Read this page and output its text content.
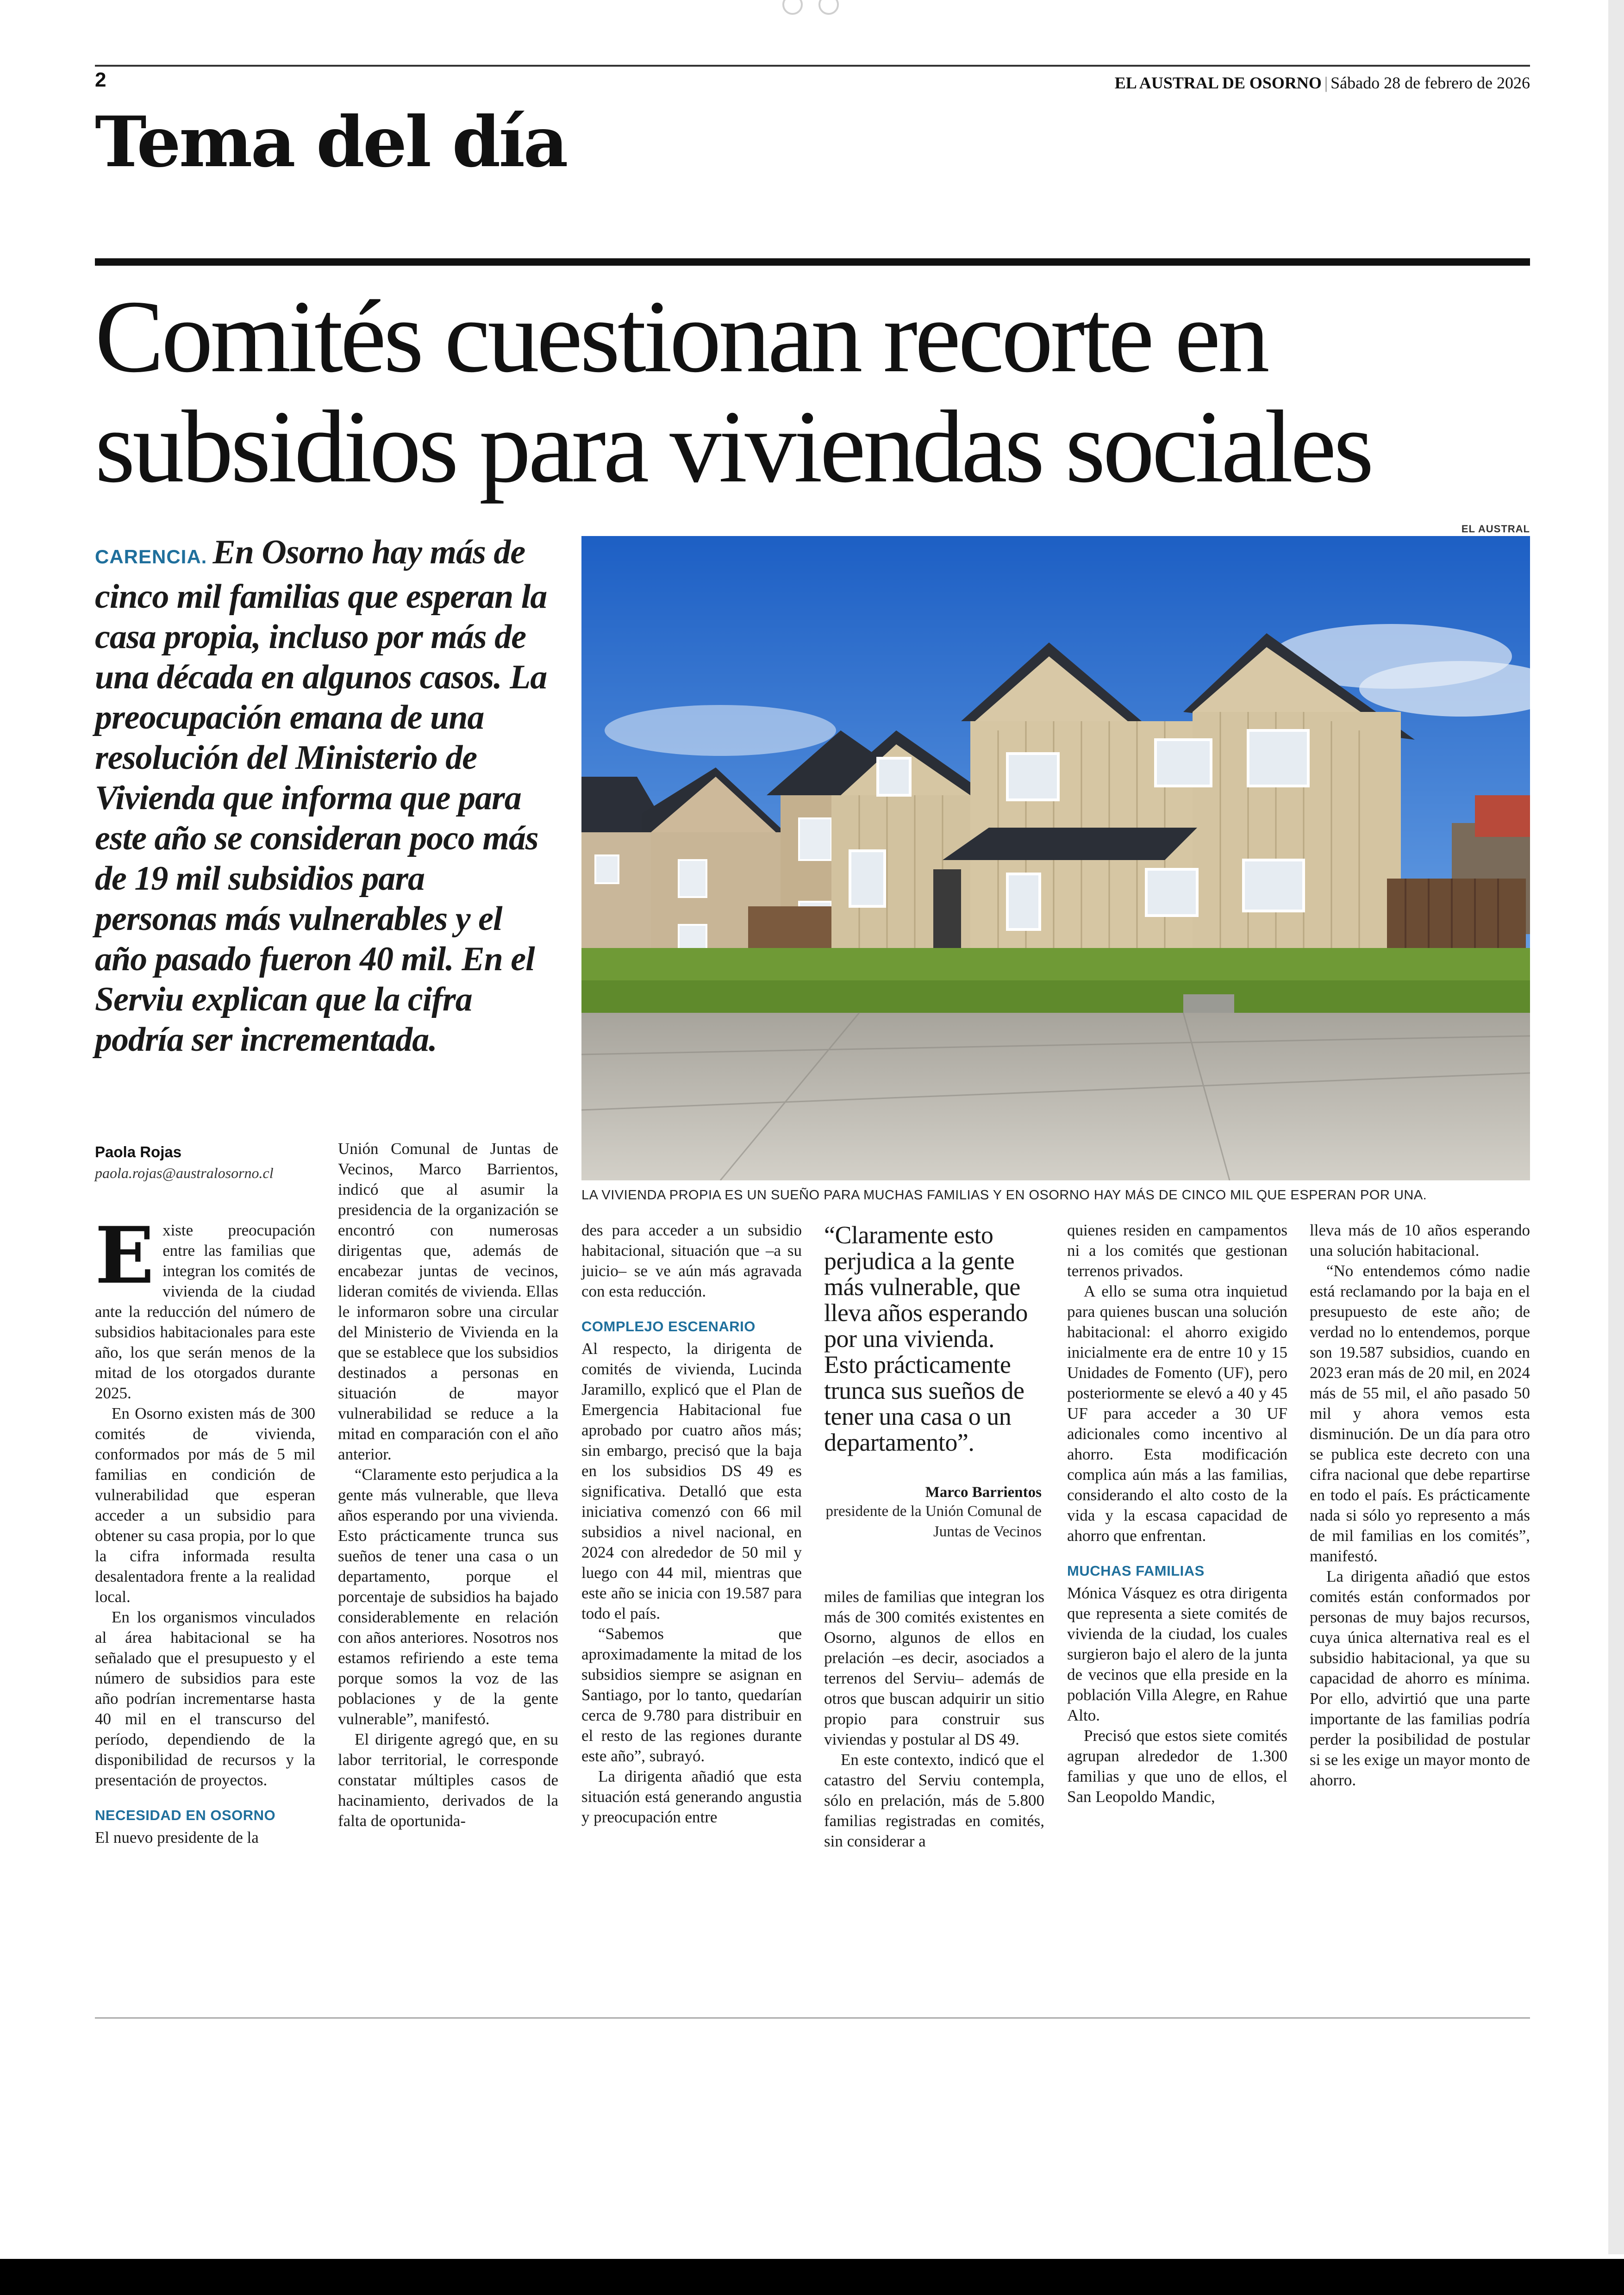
2	EL AUSTRAL DE OSORNO | Sábado 28 de febrero de 2026
Tema del día
Comités cuestionan recorte en subsidios para viviendas sociales

CARENCIA. En Osorno hay más de cinco mil familias que esperan la casa propia, incluso por más de una década en algunos casos. La preocupación emana de una resolución del Ministerio de Vivienda que informa que para este año se consideran poco más de 19 mil subsidios para personas más vulnerables y el año pasado fueron 40 mil. En el Serviu explican que la cifra podría ser incrementada.

EL AUSTRAL
LA VIVIENDA PROPIA ES UN SUEÑO PARA MUCHAS FAMILIAS Y EN OSORNO HAY MÁS DE CINCO MIL QUE ESPERAN POR UNA.
Paola Rojas
paola.rojas@australosorno.cl

Existe preocupación entre las familias que integran los comités de vivienda de la ciudad ante la reducción del número de subsidios habitacionales para este año, los que serán menos de la mitad de los otorgados durante 2025.

En Osorno existen más de 300 comités de vivienda, conformados por más de 5 mil familias en condición de vulnerabilidad que esperan acceder a un subsidio para obtener su casa propia, por lo que la cifra informada resulta desalentadora frente a la realidad local.

En los organismos vinculados al área habitacional se ha señalado que el presupuesto y el número de subsidios para este año podrían incrementarse hasta 40 mil en el transcurso del período, dependiendo de la disponibilidad de recursos y la presentación de proyectos.

NECESIDAD EN OSORNO

El nuevo presidente de la

Unión Comunal de Juntas de Vecinos, Marco Barrientos, indicó que al asumir la presidencia de la organización se encontró con numerosas dirigentas que, además de encabezar juntas de vecinos, lideran comités de vivienda. Ellas le informaron sobre una circular del Ministerio de Vivienda en la que se establece que los subsidios destinados a personas en situación de mayor vulnerabilidad se reduce a la mitad en comparación con el año anterior.

“Claramente esto perjudica a la gente más vulnerable, que lleva años esperando por una vivienda. Esto prácticamente trunca sus sueños de tener una casa o un departamento, porque el porcentaje de subsidios ha bajado considerablemente en relación con años anteriores. Nosotros nos estamos refiriendo a este tema porque somos la voz de las poblaciones y de la gente vulnerable”, manifestó.

El dirigente agregó que, en su labor territorial, le corresponde constatar múltiples casos de hacinamiento, derivados de la falta de oportunida-

des para acceder a un subsidio habitacional, situación que –a su juicio– se ve aún más agravada con esta reducción.

COMPLEJO ESCENARIO

Al respecto, la dirigenta de comités de vivienda, Lucinda Jaramillo, explicó que el Plan de Emergencia Habitacional fue aprobado por cuatro años más; sin embargo, precisó que la baja en los subsidios DS 49 es significativa. Detalló que esta iniciativa comenzó con 66 mil subsidios a nivel nacional, en 2024 con alrededor de 50 mil y luego con 44 mil, mientras que este año se inicia con 19.587 para todo el país.

“Sabemos que aproximadamente la mitad de los subsidios siempre se asignan en Santiago, por lo tanto, quedarían cerca de 9.780 para distribuir en el resto de las regiones durante este año”, subrayó.

La dirigenta añadió que esta situación está generando angustia y preocupación entre

“Claramente esto perjudica a la gente más vulnerable, que lleva años esperando por una vivienda. Esto prácticamente trunca sus sueños de tener una casa o un departamento”.

Marco Barrientos
presidente de la Unión Comunal de Juntas de Vecinos

miles de familias que integran los más de 300 comités existentes en Osorno, algunos de ellos en prelación –es decir, asociados a terrenos del Serviu– además de otros que buscan adquirir un sitio propio para construir sus viviendas y postular al DS 49.

En este contexto, indicó que el catastro del Serviu contempla, sólo en prelación, más de 5.800 familias registradas en comités, sin considerar a

quienes residen en campamentos ni a los comités que gestionan terrenos privados.

A ello se suma otra inquietud para quienes buscan una solución habitacional: el ahorro exigido inicialmente era de entre 10 y 15 Unidades de Fomento (UF), pero posteriormente se elevó a 40 y 45 UF para acceder a 30 UF adicionales como incentivo al ahorro. Esta modificación complica aún más a las familias, considerando el alto costo de la vida y la escasa capacidad de ahorro que enfrentan.

MUCHAS FAMILIAS

Mónica Vásquez es otra dirigenta que representa a siete comités de vivienda de la ciudad, los cuales surgieron bajo el alero de la junta de vecinos que ella preside en la población Villa Alegre, en Rahue Alto.

Precisó que estos siete comités agrupan alrededor de 1.300 familias y que uno de ellos, el San Leopoldo Mandic,

lleva más de 10 años esperando una solución habitacional.

“No entendemos cómo nadie está reclamando por la baja en el presupuesto de este año; de verdad no lo entendemos, porque son 19.587 subsidios, cuando en 2023 eran más de 20 mil, en 2024 más de 55 mil, el año pasado 50 mil y ahora vemos esta disminución. De un día para otro se publica este decreto con una cifra nacional que debe repartirse en todo el país. Es prácticamente nada si sólo yo represento a más de mil familias en los comités”, manifestó.

La dirigenta añadió que estos comités están conformados por personas de muy bajos recursos, cuya única alternativa real es el subsidio habitacional, ya que su capacidad de ahorro es mínima. Por ello, advirtió que una parte importante de las familias podría perder la posibilidad de postular si se les exige un mayor monto de ahorro.
